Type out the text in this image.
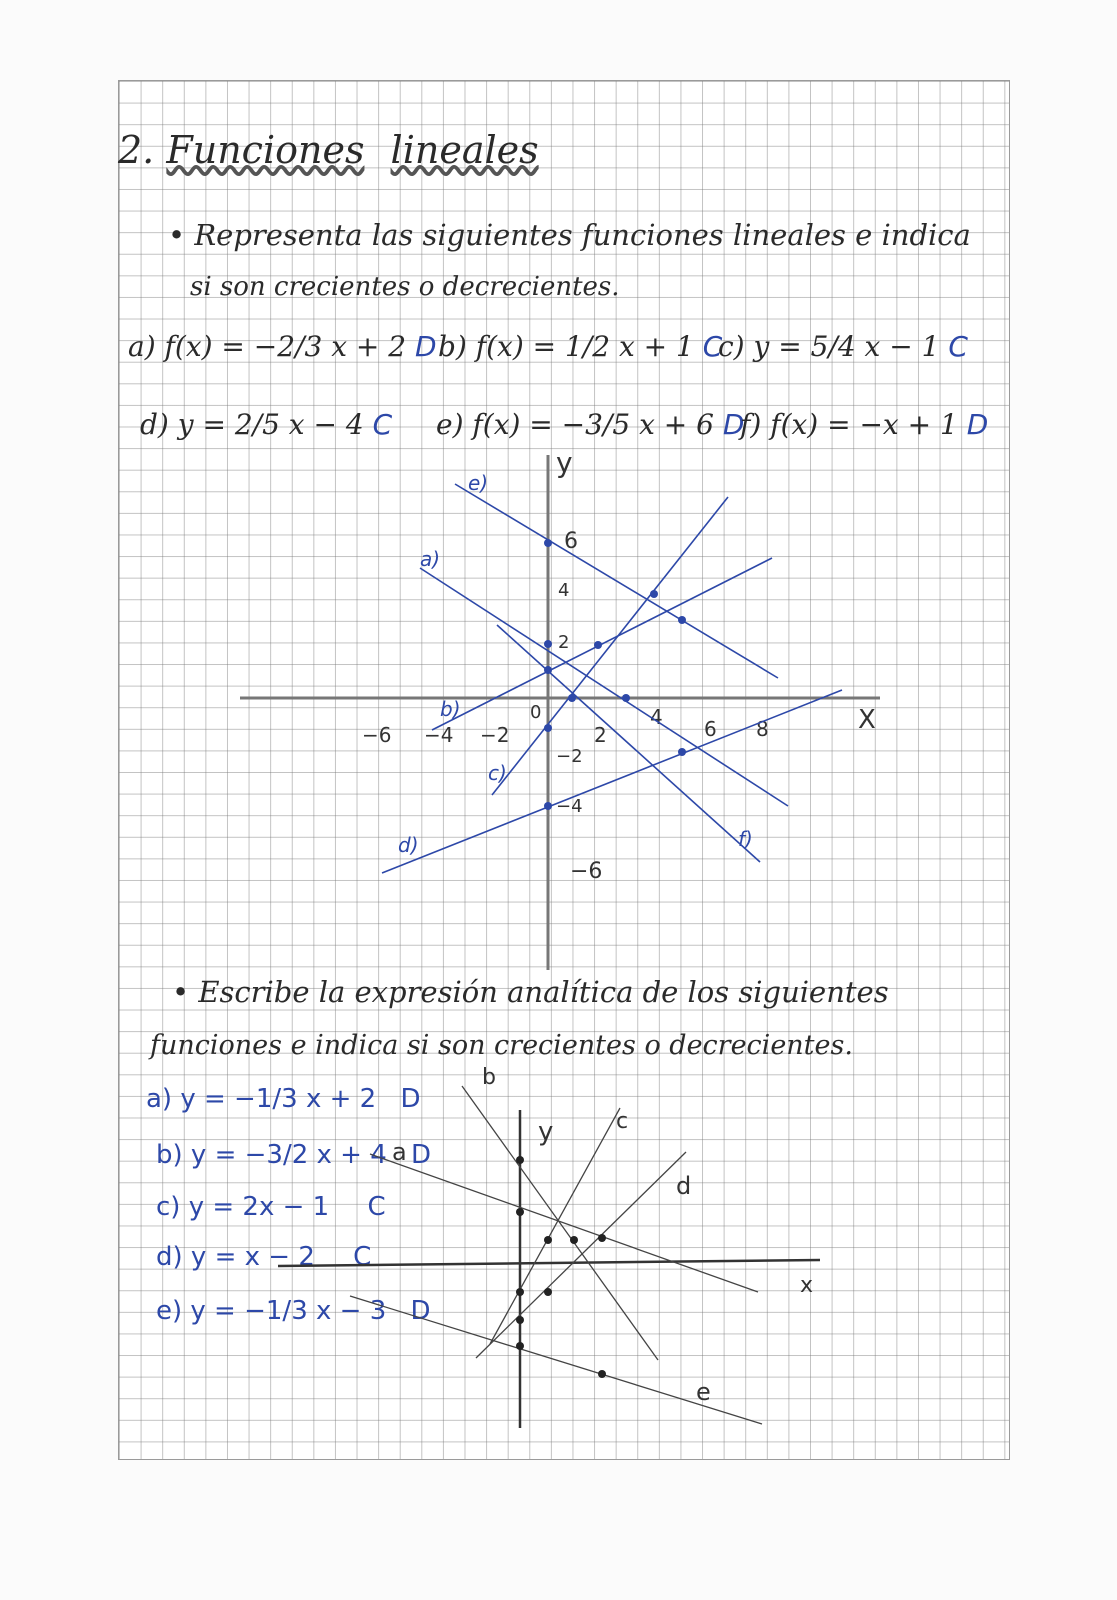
2. Funciones lineales
• Representa las siguientes funciones lineales e indica
si son crecientes o decrecientes.
a) f(x) = −2/3 x + 2 D b) f(x) = 1/2 x + 1 C
c) y = 5/4 x − 1 C
d) y = 2/5 x − 4 C e) f(x) = −3/5 x + 6 D
f) f(x) = −x + 1 D
X
y
−6 −4 −2
0
2
4 6 8
6
4
2
−2
−4
−6
a)
b)
c)
d)
e)
f)
• Escribe la expresión analítica de los siguientes
funciones e indica si son crecientes o decrecientes.
a) y = −1/3 x + 2 D
b) y = −3/2 x + 4 D
c) y = 2x − 1 C
d) y = x − 2 C
e) y = −1/3 x − 3 D
x
y
a
b
c
d
e
